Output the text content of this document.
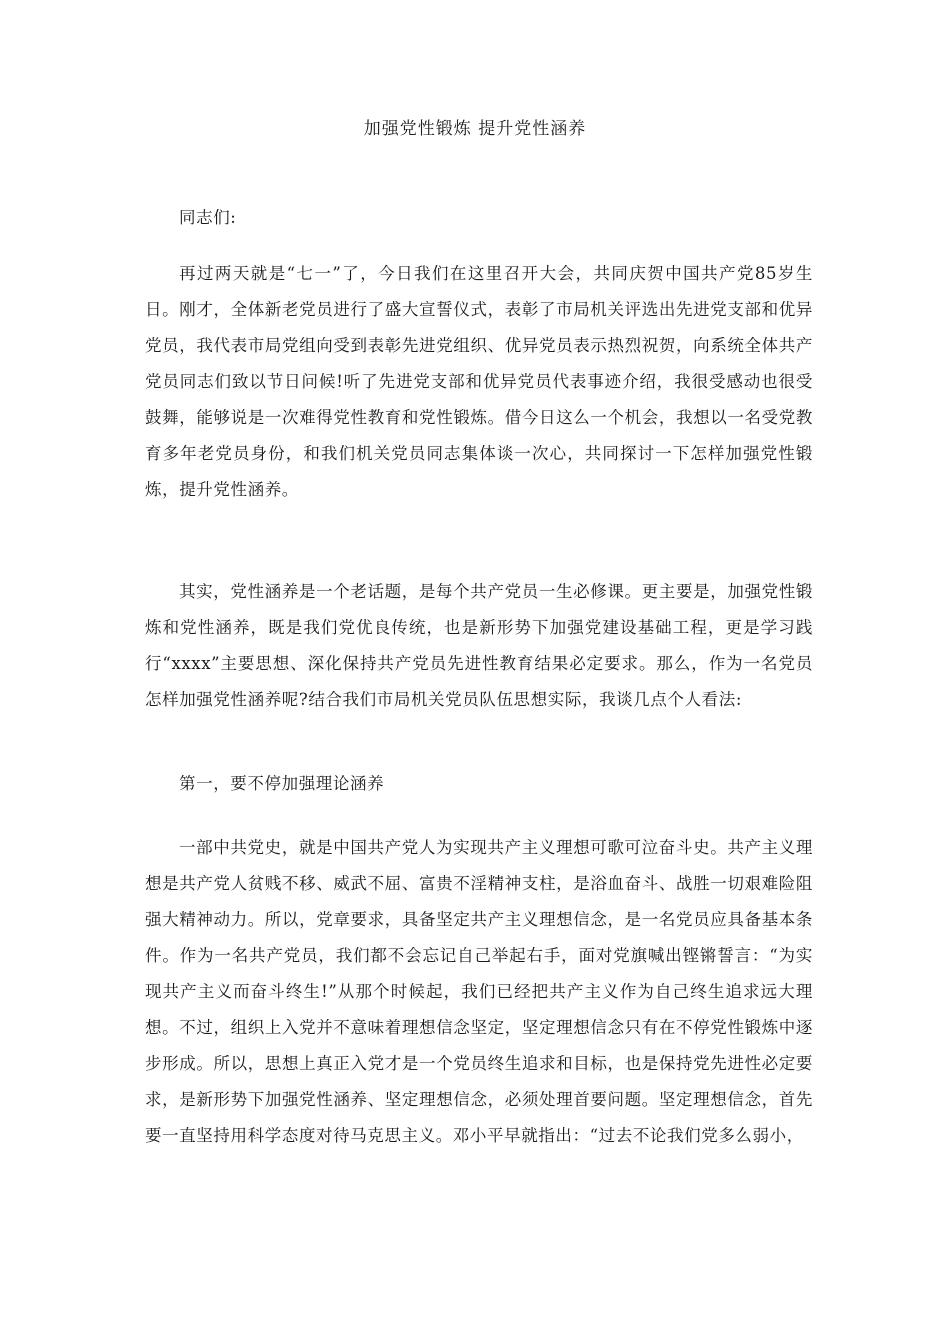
加强党性锻炼 提升党性涵养

同志们:

再过两天就是“七一”了，今日我们在这里召开大会，共同庆贺中国共产党85岁生日。刚才，全体新老党员进行了盛大宣誓仪式，表彰了市局机关评选出先进党支部和优异党员，我代表市局党组向受到表彰先进党组织、优异党员表示热烈祝贺，向系统全体共产党员同志们致以节日问候!听了先进党支部和优异党员代表事迹介绍，我很受感动也很受鼓舞，能够说是一次难得党性教育和党性锻炼。借今日这么一个机会，我想以一名受党教育多年老党员身份，和我们机关党员同志集体谈一次心，共同探讨一下怎样加强党性锻炼，提升党性涵养。

其实，党性涵养是一个老话题，是每个共产党员一生必修课。更主要是，加强党性锻炼和党性涵养，既是我们党优良传统，也是新形势下加强党建设基础工程，更是学习践行“xxxx”主要思想、深化保持共产党员先进性教育结果必定要求。那么，作为一名党员怎样加强党性涵养呢?结合我们市局机关党员队伍思想实际，我谈几点个人看法:

第一，要不停加强理论涵养

一部中共党史，就是中国共产党人为实现共产主义理想可歌可泣奋斗史。共产主义理想是共产党人贫贱不移、威武不屈、富贵不淫精神支柱，是浴血奋斗、战胜一切艰难险阻强大精神动力。所以，党章要求，具备坚定共产主义理想信念，是一名党员应具备基本条件。作为一名共产党员，我们都不会忘记自己举起右手，面对党旗喊出铿锵誓言：“为实现共产主义而奋斗终生!”从那个时候起，我们已经把共产主义作为自己终生追求远大理想。不过，组织上入党并不意味着理想信念坚定，坚定理想信念只有在不停党性锻炼中逐步形成。所以，思想上真正入党才是一个党员终生追求和目标，也是保持党先进性必定要求，是新形势下加强党性涵养、坚定理想信念，必须处理首要问题。坚定理想信念，首先要一直坚持用科学态度对待马克思主义。邓小平早就指出：“过去不论我们党多么弱小，
